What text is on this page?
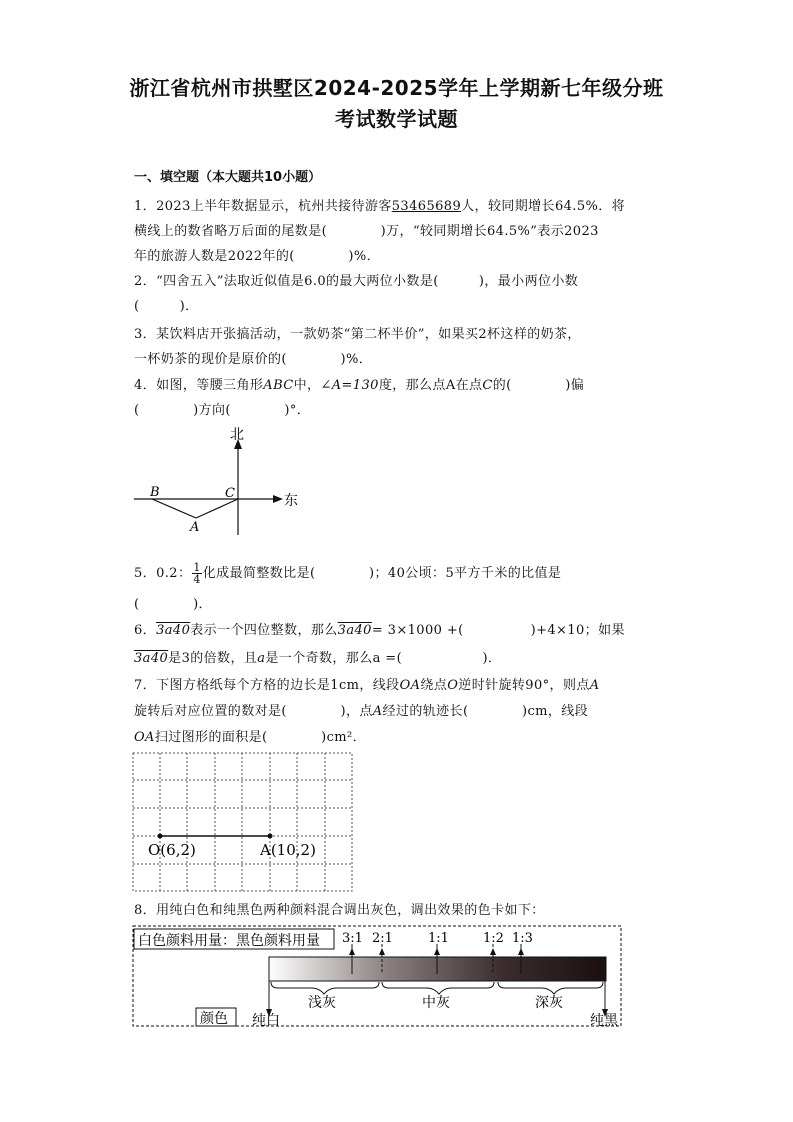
浙江省杭州市拱墅区2024-2025学年上学期新七年级分班
考试数学试题
一、填空题（本大题共10小题）
1．2023上半年数据显示，杭州共接待游客53465689人，较同期增长64.5%．将
横线上的数省略万后面的尾数是(　　　　)万，“较同期增长64.5%”表示2023
年的旅游人数是2022年的(　　　　)%．
2．“四舍五入”法取近似值是6.0的最大两位小数是(　　　)，最小两位小数
(　　　)．
3．某饮料店开张搞活动，一款奶茶“第二杯半价”，如果买2杯这样的奶茶，
一杯奶茶的现价是原价的(　　　　)%．
4．如图，等腰三角形ABC中，∠A=130度，那么点A在点C的(　　　　)偏
(　　　　)方向(　　　　)°．
北
东
B	C
A
5．0.2： $\frac{1}{4}$ 化成最简整数比是(　　　　)；40公顷：5平方千米的比值是
(　　　　)．
6．3a40表示一个四位整数，那么3a40= 3×1000 +(　　　　　)+4×10；如果
3a40是3的倍数，且a是一个奇数，那么a =(　　　　　　)．
7．下图方格纸每个方格的边长是1cm，线段OA绕点O逆时针旋转90°，则点A
旋转后对应位置的数对是(　　　　)，点A经过的轨迹长(　　　　)cm，线段
OA扫过图形的面积是(　　　　)cm²．
O(6,2)	A(10,2)
8．用纯白色和纯黑色两种颜料混合调出灰色，调出效果的色卡如下：
白色颜料用量：黑色颜料用量 3:1 2:1	1:1	1:2 1:3
浅灰	中灰	深灰
颜色 纯白	纯黑
